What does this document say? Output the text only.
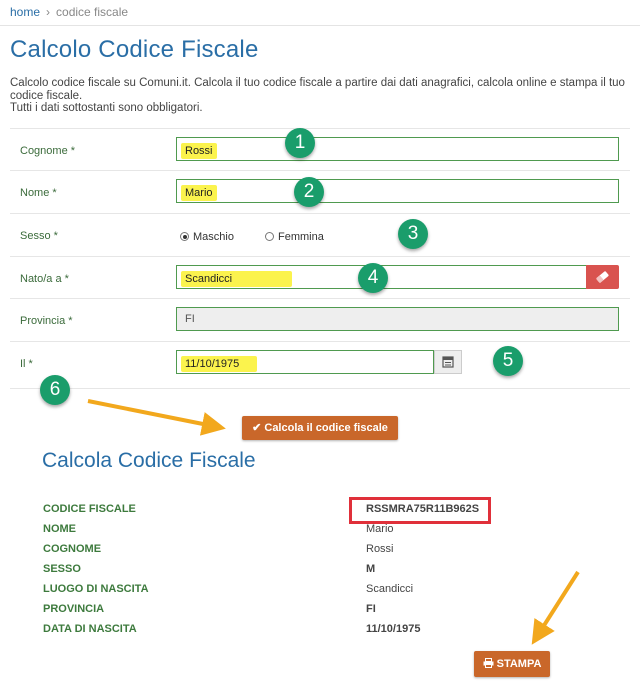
home › codice fiscale
Calcolo Codice Fiscale
Calcolo codice fiscale su Comuni.it. Calcola il tuo codice fiscale a partire dai dati anagrafici, calcola online e stampa il tuo codice fiscale.
Tutti i dati sottostanti sono obbligatori.
Cognome *	Rossi
Nome *	Mario
Sesso *	Maschio	Femmina
Nato/a a *	Scandicci
Provincia *	FI
Il *	11/10/1975
✔ Calcola il codice fiscale
1
2
3
4
5
6
Calcola Codice Fiscale
CODICE FISCALE	RSSMRA75R11B962S
NOME	Mario
COGNOME	Rossi
SESSO	M
LUOGO DI NASCITA	Scandicci
PROVINCIA	FI
DATA DI NASCITA	11/10/1975
STAMPA
